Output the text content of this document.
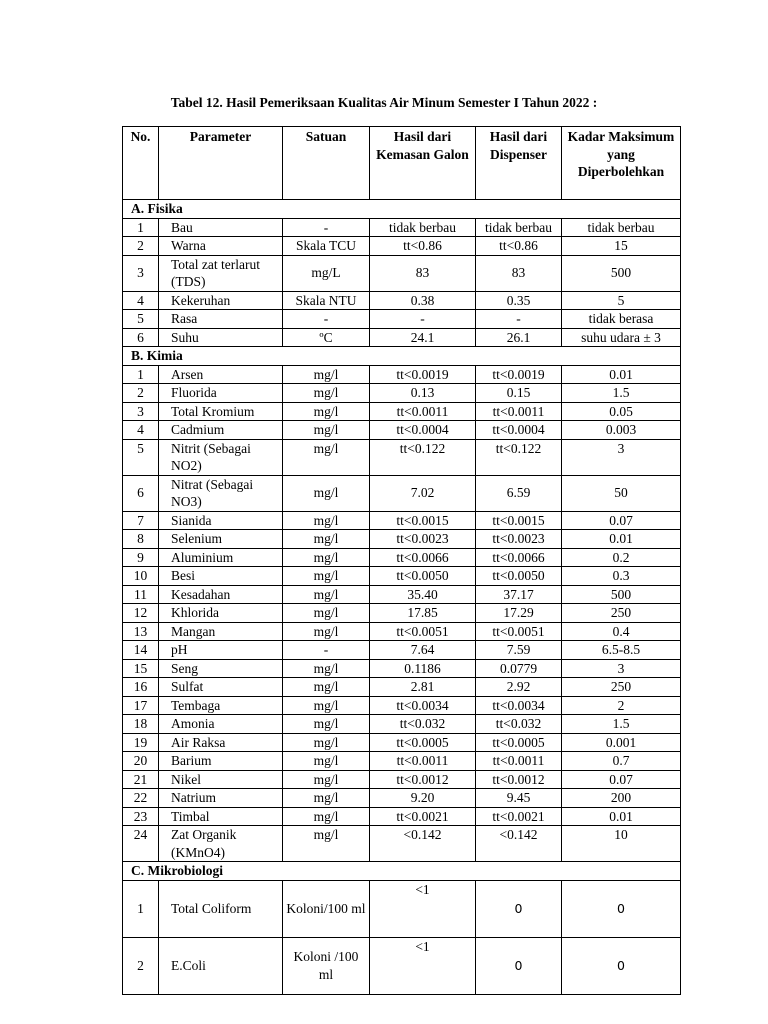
Tabel 12. Hasil Pemeriksaan Kualitas Air Minum Semester I Tahun 2022 :
No.	Parameter	Satuan	Hasil dari Kemasan Galon	Hasil dari Dispenser	Kadar Maksimum yang Diperbolehkan
A. Fisika					
1	Bau	-	tidak berbau	tidak berbau	tidak berbau
2	Warna	Skala TCU	tt<0.86	tt<0.86	15
3	Total zat terlarut (TDS)	mg/L	83	83	500
4	Kekeruhan	Skala NTU	0.38	0.35	5
5	Rasa	-	-	-	tidak berasa
6	Suhu	ºC	24.1	26.1	suhu udara ± 3
B. Kimia					
1	Arsen	mg/l	tt<0.0019	tt<0.0019	0.01
2	Fluorida	mg/l	0.13	0.15	1.5
3	Total Kromium	mg/l	tt<0.0011	tt<0.0011	0.05
4	Cadmium	mg/l	tt<0.0004	tt<0.0004	0.003
5	Nitrit (Sebagai NO2)	mg/l	tt<0.122	tt<0.122	3
6	Nitrat (Sebagai NO3)	mg/l	7.02	6.59	50
7	Sianida	mg/l	tt<0.0015	tt<0.0015	0.07
8	Selenium	mg/l	tt<0.0023	tt<0.0023	0.01
9	Aluminium	mg/l	tt<0.0066	tt<0.0066	0.2
10	Besi	mg/l	tt<0.0050	tt<0.0050	0.3
11	Kesadahan	mg/l	35.40	37.17	500
12	Khlorida	mg/l	17.85	17.29	250
13	Mangan	mg/l	tt<0.0051	tt<0.0051	0.4
14	pH	-	7.64	7.59	6.5-8.5
15	Seng	mg/l	0.1186	0.0779	3
16	Sulfat	mg/l	2.81	2.92	250
17	Tembaga	mg/l	tt<0.0034	tt<0.0034	2
18	Amonia	mg/l	tt<0.032	tt<0.032	1.5
19	Air Raksa	mg/l	tt<0.0005	tt<0.0005	0.001
20	Barium	mg/l	tt<0.0011	tt<0.0011	0.7
21	Nikel	mg/l	tt<0.0012	tt<0.0012	0.07
22	Natrium	mg/l	9.20	9.45	200
23	Timbal	mg/l	tt<0.0021	tt<0.0021	0.01
24	Zat Organik (KMnO4)	mg/l	<0.142	<0.142	10
C. Mikrobiologi					
1	Total Coliform	Koloni/100 ml	<1	0	0
2	E.Coli	Koloni /100 ml	<1	0	0
